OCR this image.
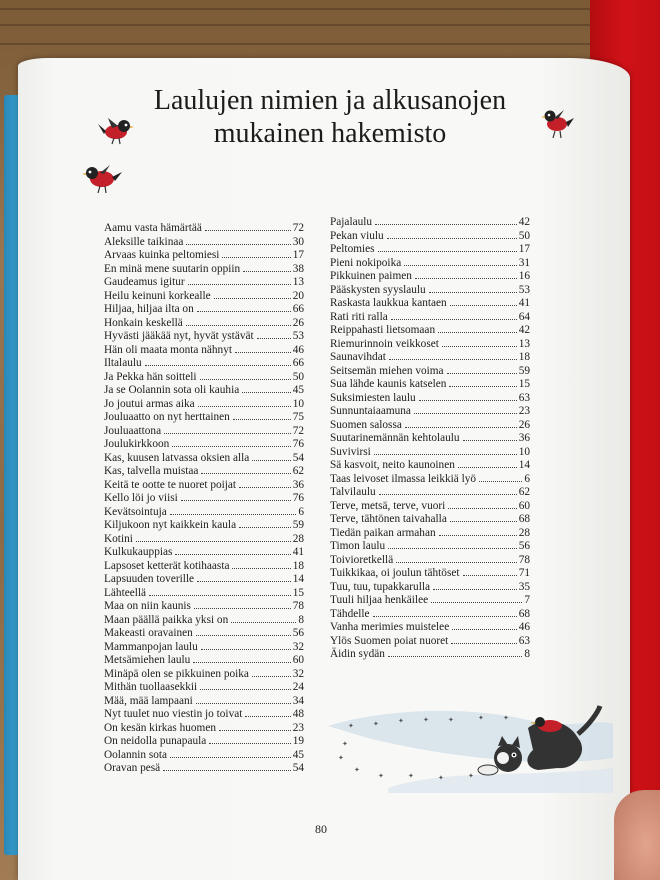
Laulujen nimien ja alkusanojen
mukainen hakemisto
Aamu vasta hämärtää	72
Aleksille taikinaa	30
Arvaas kuinka peltomiesi	17
En minä mene suutarin oppiin	38
Gaudeamus igitur	13
Heilu keinuni korkealle	20
Hiljaa, hiljaa ilta on	66
Honkain keskellä	26
Hyvästi jääkää nyt, hyvät ystävät	53
Hän oli maata monta nähnyt	46
Iltalaulu	66
Ja Pekka hän soitteli	50
Ja se Oolannin sota oli kauhia	45
Jo joutui armas aika	10
Jouluaatto on nyt herttainen	75
Jouluaattona	72
Joulukirkkoon	76
Kas, kuusen latvassa oksien alla	54
Kas, talvella muistaa	62
Keitä te ootte te nuoret poijat	36
Kello löi jo viisi	76
Kevätsointuja	6
Kiljukoon nyt kaikkein kaula	59
Kotini	28
Kulkukauppias	41
Lapsoset ketterät kotihaasta	18
Lapsuuden toverille	14
Lähteellä	15
Maa on niin kaunis	78
Maan päällä paikka yksi on	8
Makeasti oravainen	56
Mammanpojan laulu	32
Metsämiehen laulu	60
Minäpä olen se pikkuinen poika	32
Mithän tuollaasekkii	24
Mää, mää lampaani	34
Nyt tuulet nuo viestin jo toivat	48
On kesän kirkas huomen	23
On neidolla punapaula	19
Oolannin sota	45
Oravan pesä	54
Pajalaulu	42
Pekan viulu	50
Peltomies	17
Pieni nokipoika	31
Pikkuinen paimen	16
Pääskysten syyslaulu	53
Raskasta laukkua kantaen	41
Rati riti ralla	64
Reippahasti lietsomaan	42
Riemurinnoin veikkoset	13
Saunavihdat	18
Seitsemän miehen voima	59
Sua lähde kaunis katselen	15
Suksimiesten laulu	63
Sunnuntaiaamuna	23
Suomen salossa	26
Suutarinemännän kehtolaulu	36
Suvivirsi	10
Sä kasvoit, neito kaunoinen	14
Taas leivoset ilmassa leikkiä lyö	6
Talvilaulu	62
Terve, metsä, terve, vuori	60
Terve, tähtönen taivahalla	68
Tiedän paikan armahan	28
Timon laulu	56
Toivioretkellä	78
Tuikkikaa, oi joulun tähtöset	71
Tuu, tuu, tupakkarulla	35
Tuuli hiljaa henkäilee	7
Tähdelle	68
Vanha merimies muistelee	46
Ylös Suomen poiat nuoret	63
Äidin sydän	8
✦	✦	✦	✦	✦	✦	✦
✦
✦
✦
✦	✦	✦	✦
80
